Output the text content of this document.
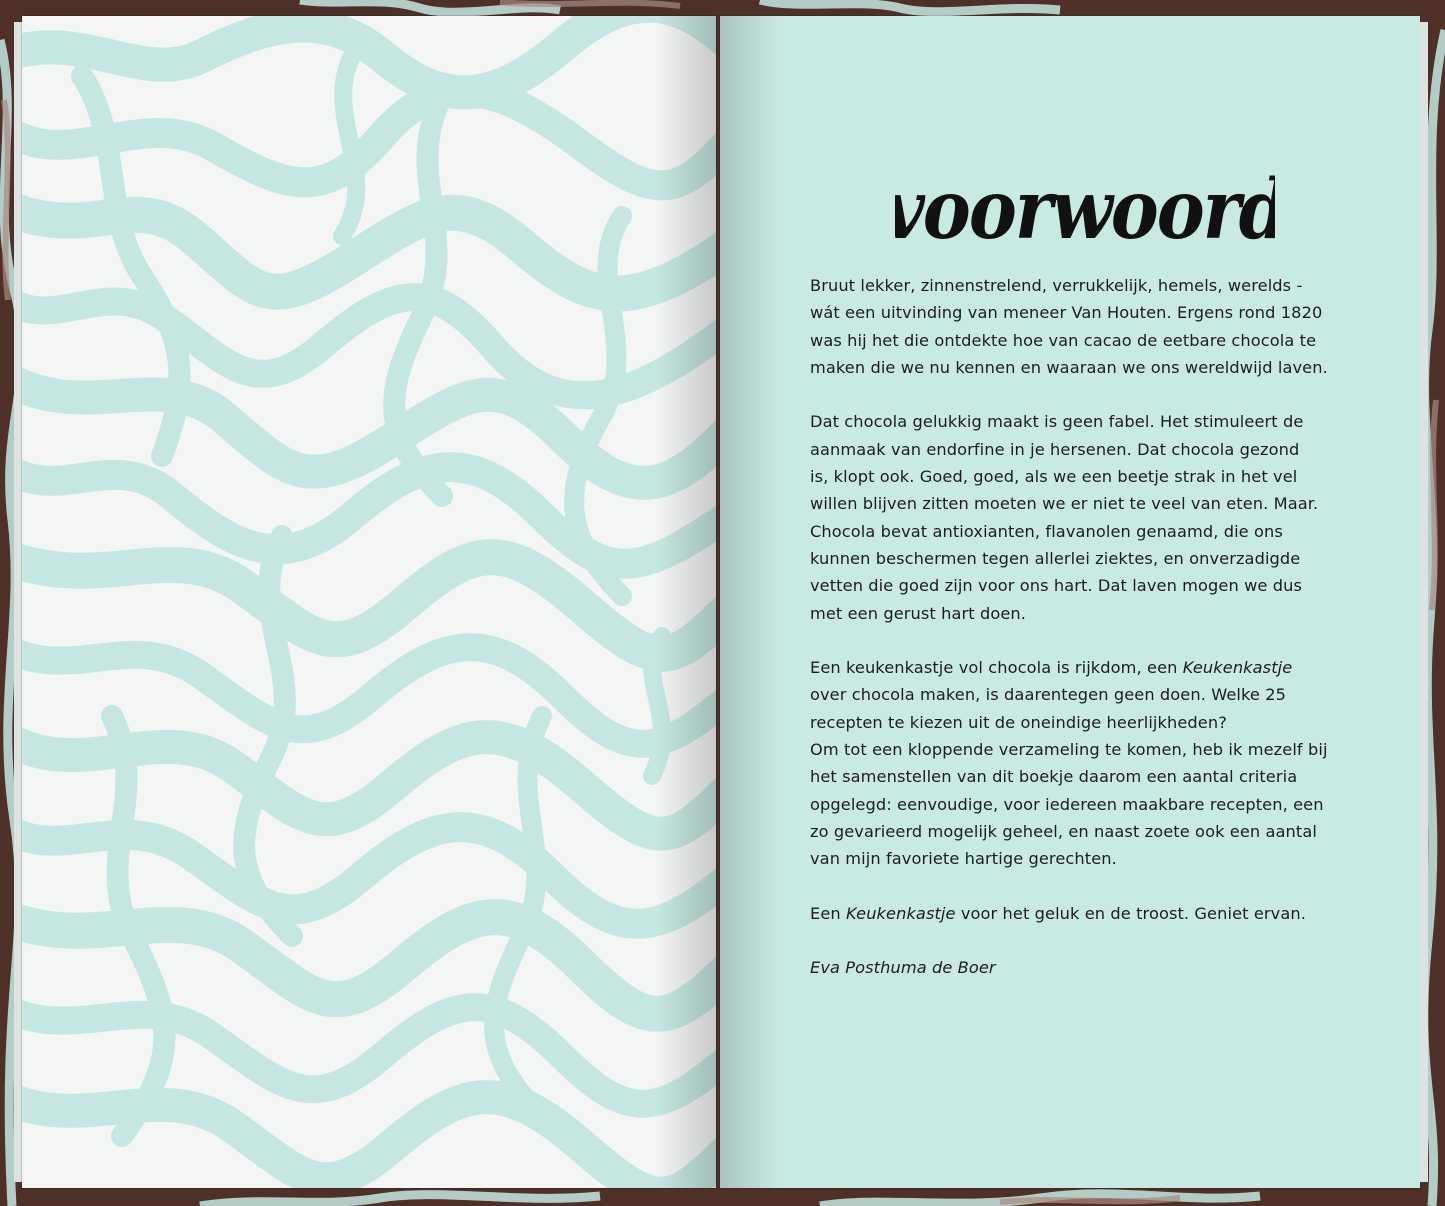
voorwoord

Bruut lekker, zinnenstrelend, verrukkelijk, hemels, werelds -
wát een uitvinding van meneer Van Houten. Ergens rond 1820
was hij het die ontdekte hoe van cacao de eetbare chocola te
maken die we nu kennen en waaraan we ons wereldwijd laven.

Dat chocola gelukkig maakt is geen fabel. Het stimuleert de
aanmaak van endorfine in je hersenen. Dat chocola gezond
is, klopt ook. Goed, goed, als we een beetje strak in het vel
willen blijven zitten moeten we er niet te veel van eten. Maar.
Chocola bevat antioxianten, flavanolen genaamd, die ons
kunnen beschermen tegen allerlei ziektes, en onverzadigde
vetten die goed zijn voor ons hart. Dat laven mogen we dus
met een gerust hart doen.

Een keukenkastje vol chocola is rijkdom, een Keukenkastje
over chocola maken, is daarentegen geen doen. Welke 25
recepten te kiezen uit de oneindige heerlijkheden?
Om tot een kloppende verzameling te komen, heb ik mezelf bij
het samenstellen van dit boekje daarom een aantal criteria
opgelegd: eenvoudige, voor iedereen maakbare recepten, een
zo gevarieerd mogelijk geheel, en naast zoete ook een aantal
van mijn favoriete hartige gerechten.

Een Keukenkastje voor het geluk en de troost. Geniet ervan.

Eva Posthuma de Boer
